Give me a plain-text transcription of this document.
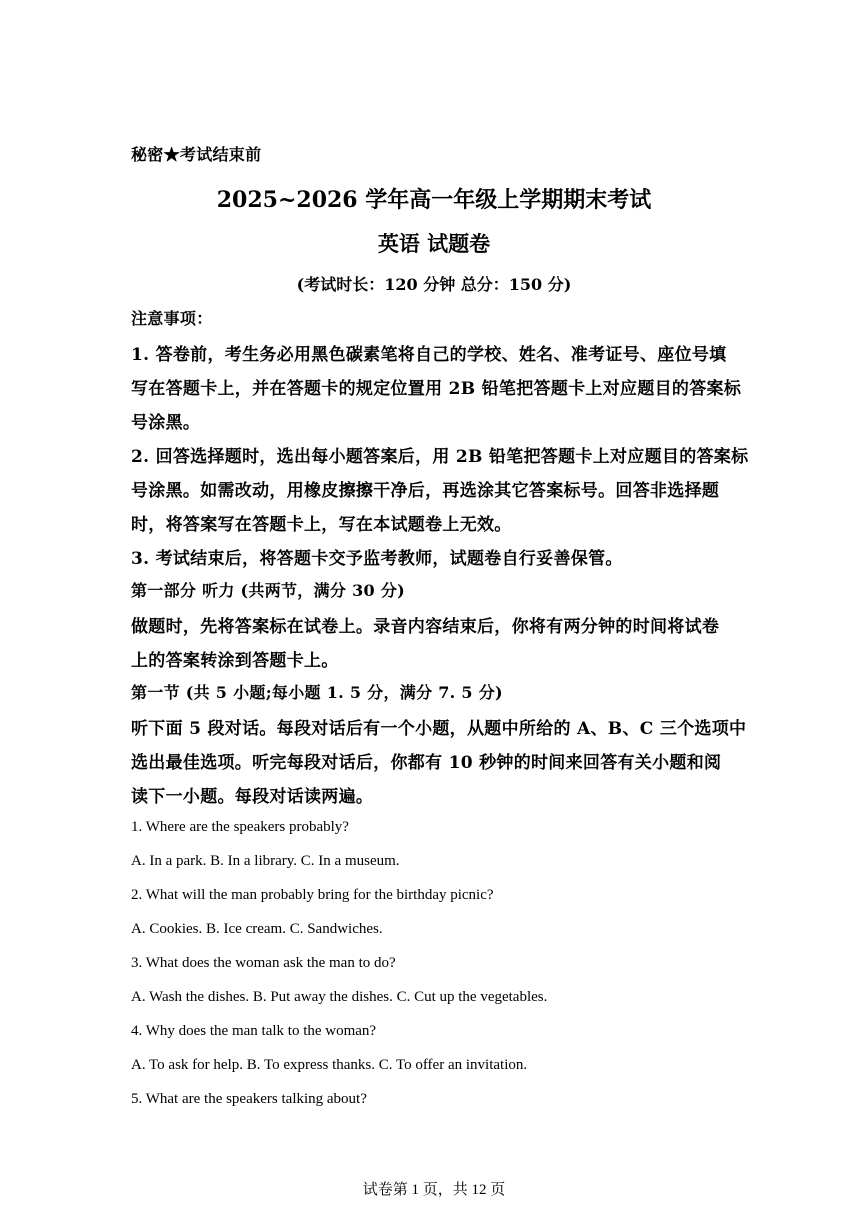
秘密★考试结束前
2025~2026 学年高一年级上学期期末考试
英语 试题卷
(考试时长：120 分钟 总分：150 分)
注意事项：
1. 答卷前，考生务必用黑色碳素笔将自己的学校、姓名、准考证号、座位号填
写在答题卡上，并在答题卡的规定位置用 2B 铅笔把答题卡上对应题目的答案标
号涂黑。
2. 回答选择题时，选出每小题答案后，用 2B 铅笔把答题卡上对应题目的答案标
号涂黑。如需改动，用橡皮擦擦干净后，再选涂其它答案标号。回答非选择题
时，将答案写在答题卡上，写在本试题卷上无效。
3. 考试结束后，将答题卡交予监考教师，试题卷自行妥善保管。
第一部分 听力 (共两节，满分 30 分)
做题时，先将答案标在试卷上。录音内容结束后，你将有两分钟的时间将试卷
上的答案转涂到答题卡上。
第一节 (共 5 小题;每小题 1. 5 分，满分 7. 5 分)
听下面 5 段对话。每段对话后有一个小题，从题中所给的 A、B、C 三个选项中
选出最佳选项。听完每段对话后，你都有 10 秒钟的时间来回答有关小题和阅
读下一小题。每段对话读两遍。
1. Where are the speakers probably?
A. In a park. B. In a library. C. In a museum.
2. What will the man probably bring for the birthday picnic?
A. Cookies. B. Ice cream. C. Sandwiches.
3. What does the woman ask the man to do?
A. Wash the dishes. B. Put away the dishes. C. Cut up the vegetables.
4. Why does the man talk to the woman?
A. To ask for help. B. To express thanks. C. To offer an invitation.
5. What are the speakers talking about?
试卷第 1 页，共 12 页
